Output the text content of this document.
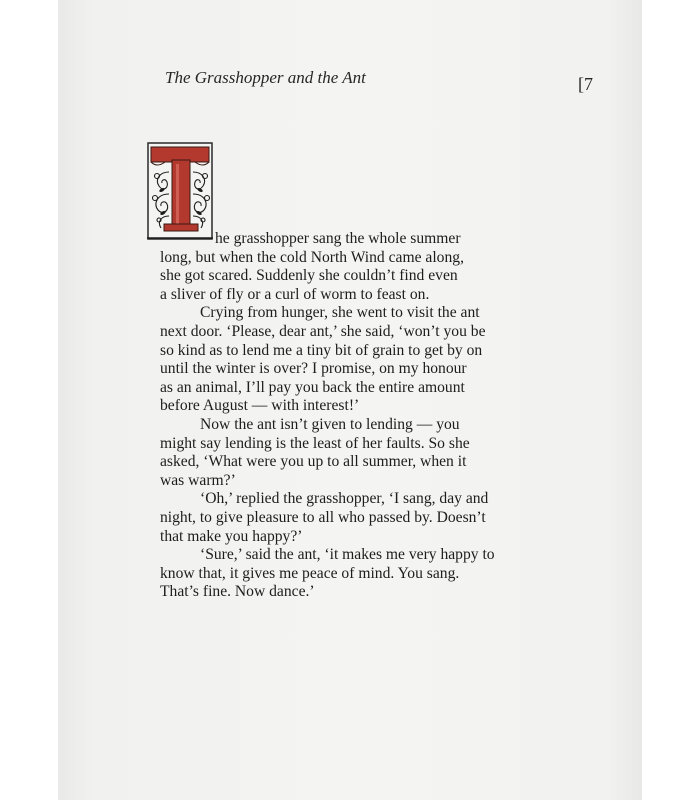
The Grasshopper and the Ant	[7
he grasshopper sang the whole summer
long, but when the cold North Wind came along,
she got scared. Suddenly she couldn’t find even
a sliver of fly or a curl of worm to feast on.
Crying from hunger, she went to visit the ant
next door. ‘Please, dear ant,’ she said, ‘won’t you be
so kind as to lend me a tiny bit of grain to get by on
until the winter is over? I promise, on my honour
as an animal, I’ll pay you back the entire amount
before August — with interest!’
Now the ant isn’t given to lending — you
might say lending is the least of her faults. So she
asked, ‘What were you up to all summer, when it
was warm?’
‘Oh,’ replied the grasshopper, ‘I sang, day and
night, to give pleasure to all who passed by. Doesn’t
that make you happy?’
‘Sure,’ said the ant, ‘it makes me very happy to
know that, it gives me peace of mind. You sang.
That’s fine. Now dance.’
